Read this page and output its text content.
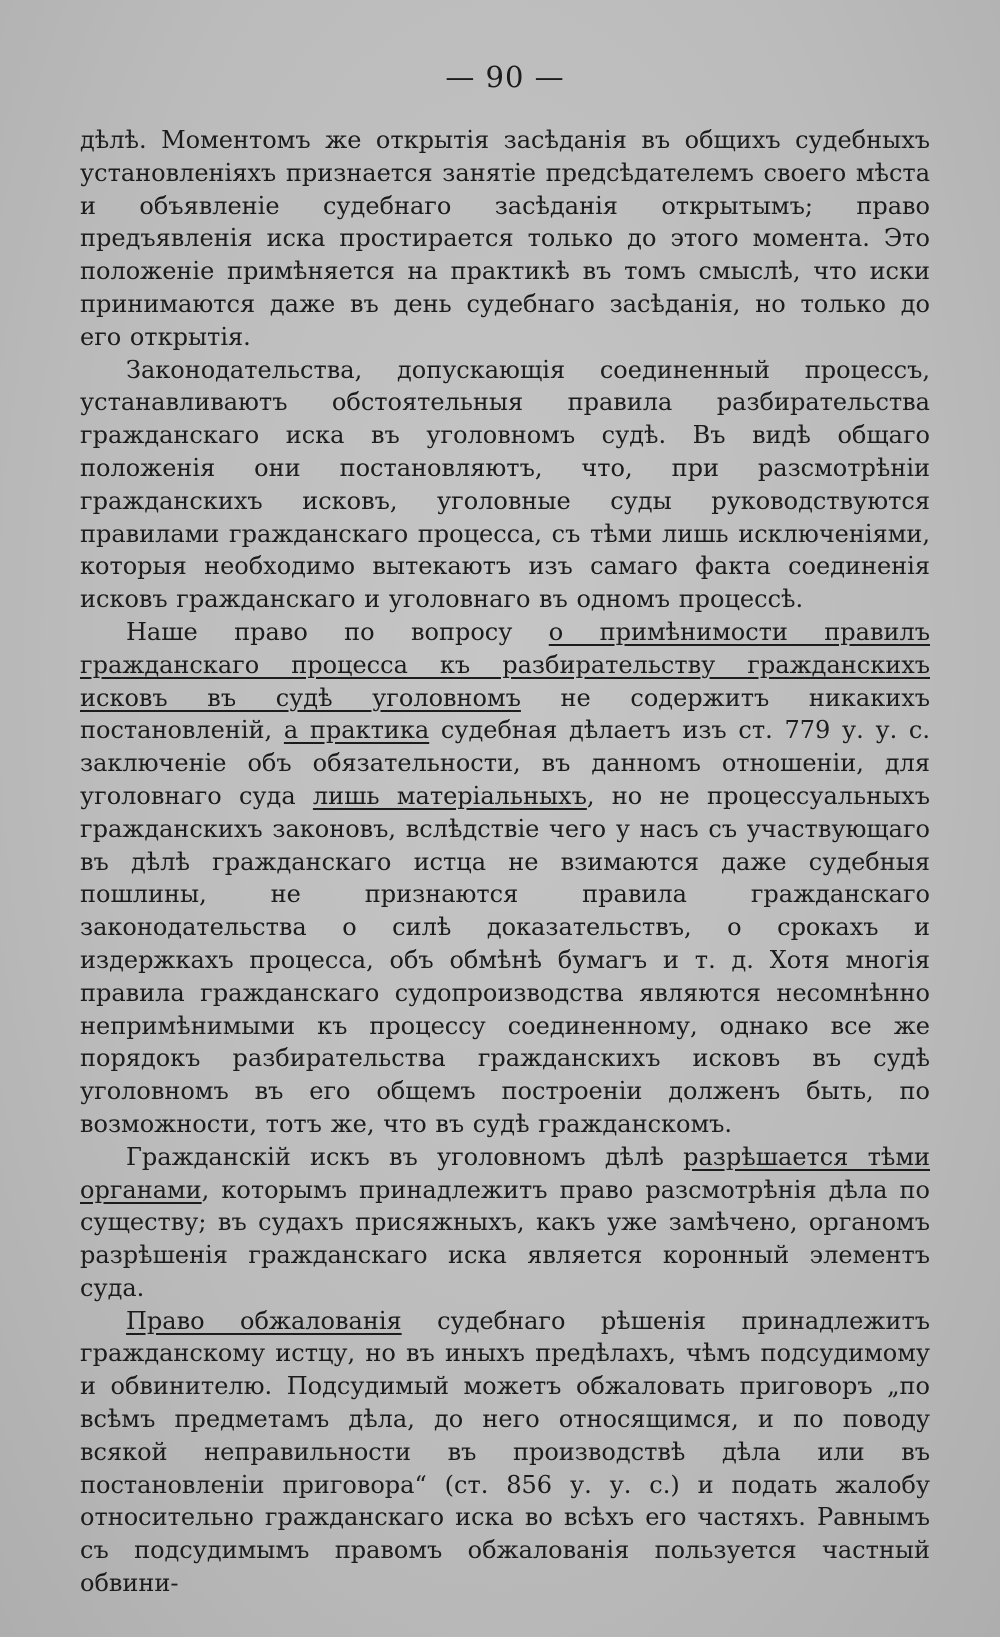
— 90 —

дѣлѣ. Моментомъ же открытія засѣданія въ общихъ судебныхъ установленіяхъ признается занятіе предсѣдателемъ своего мѣста и объявленіе судебнаго засѣданія открытымъ; право предъявленія иска простирается только до этого момента. Это положеніе примѣняется на практикѣ въ томъ смыслѣ, что иски принимаются даже въ день судебнаго засѣданія, но только до его открытія.

Законодательства, допускающія соединенный процессъ, устанавливаютъ обстоятельныя правила разбирательства гражданскаго иска въ уголовномъ судѣ. Въ видѣ общаго положенія они постановляютъ, что, при разсмотрѣніи гражданскихъ исковъ, уголовные суды руководствуются правилами гражданскаго процесса, съ тѣми лишь исключеніями, которыя необходимо вытекаютъ изъ самаго факта соединенія исковъ гражданскаго и уголовнаго въ одномъ процессѣ.

Наше право по вопросу о примѣнимости правилъ гражданскаго процесса къ разбирательству гражданскихъ исковъ въ судѣ уголовномъ не содержитъ никакихъ постановленій, а практика судебная дѣлаетъ изъ ст. 779 у. у. с. заключеніе объ обязательности, въ данномъ отношеніи, для уголовнаго суда лишь матеріальныхъ, но не процессуальныхъ гражданскихъ законовъ, вслѣдствіе чего у насъ съ участвующаго въ дѣлѣ гражданскаго истца не взимаются даже судебныя пошлины, не признаются правила гражданскаго законодательства о силѣ доказательствъ, о срокахъ и издержкахъ процесса, объ обмѣнѣ бумагъ и т. д. Хотя многія правила гражданскаго судопроизводства являются несомнѣнно непримѣнимыми къ процессу соединенному, однако все же порядокъ разбирательства гражданскихъ исковъ въ судѣ уголовномъ въ его общемъ построеніи долженъ быть, по возможности, тотъ же, что въ судѣ гражданскомъ.

Гражданскій искъ въ уголовномъ дѣлѣ разрѣшается тѣми органами, которымъ принадлежитъ право разсмотрѣнія дѣла по существу; въ судахъ присяжныхъ, какъ уже замѣчено, органомъ разрѣшенія гражданскаго иска является коронный элементъ суда.

Право обжалованія судебнаго рѣшенія принадлежитъ гражданскому истцу, но въ иныхъ предѣлахъ, чѣмъ подсудимому и обвинителю. Подсудимый можетъ обжаловать приговоръ „по всѣмъ предметамъ дѣла, до него относящимся, и по поводу всякой неправильности въ производствѣ дѣла или въ постановленіи приговора“ (ст. 856 у. у. с.) и подать жалобу относительно гражданскаго иска во всѣхъ его частяхъ. Равнымъ съ подсудимымъ правомъ обжалованія пользуется частный обвини-
